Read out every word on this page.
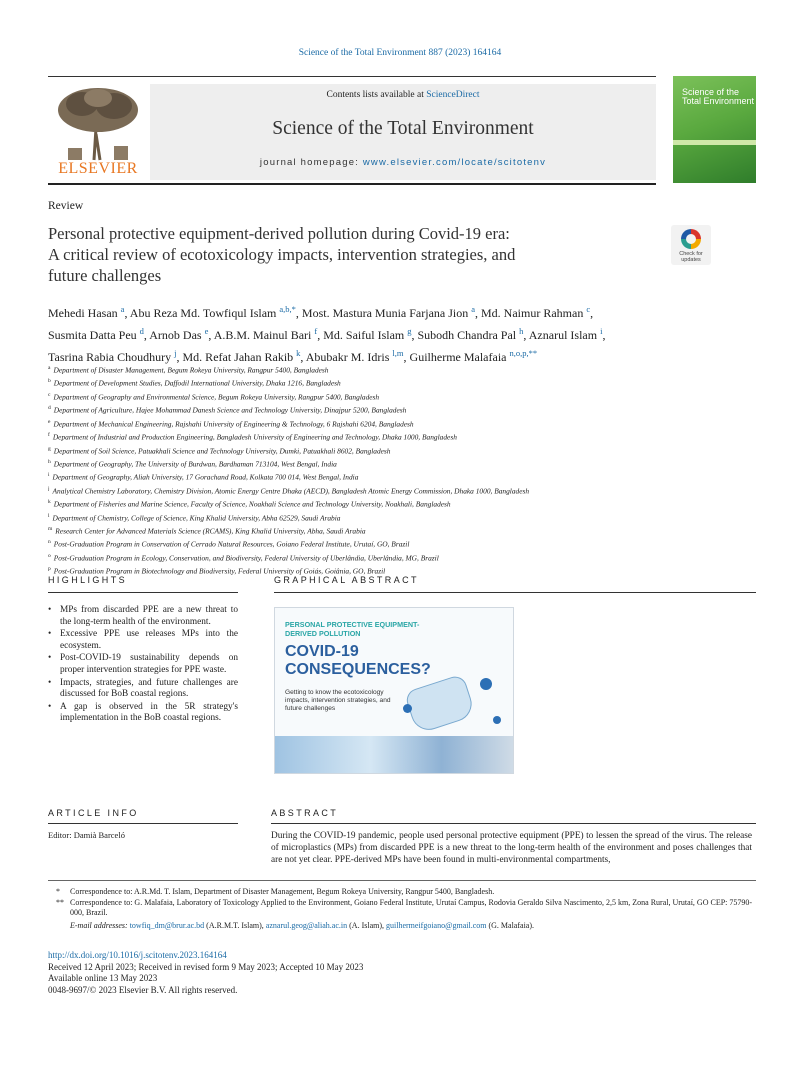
Science of the Total Environment 887 (2023) 164164
ELSEVIER
Contents lists available at ScienceDirect
Science of the Total Environment
journal homepage: www.elsevier.com/locate/scitotenv
Science of the
Total Environment
Review
Personal protective equipment-derived pollution during Covid-19 era:
A critical review of ecotoxicology impacts, intervention strategies, and
future challenges
Check for
updates
Mehedi Hasan $^a$, Abu Reza Md. Towfiqul Islam $^{a,b,*}$, Most. Mastura Munia Farjana Jion $^a$, Md. Naimur Rahman $^c$,
Susmita Datta Peu $^d$, Arnob Das $^e$, A.B.M. Mainul Bari $^f$, Md. Saiful Islam $^g$, Subodh Chandra Pal $^h$, Aznarul Islam $^i$,
Tasrina Rabia Choudhury $^j$, Md. Refat Jahan Rakib $^k$, Abubakr M. Idris $^{l,m}$, Guilherme Malafaia $^{n,o,p,**}$
$^a$ Department of Disaster Management, Begum Rokeya University, Rangpur 5400, Bangladesh
$^b$ Department of Development Studies, Daffodil International University, Dhaka 1216, Bangladesh
$^c$ Department of Geography and Environmental Science, Begum Rokeya University, Rangpur 5400, Bangladesh
$^d$ Department of Agriculture, Hajee Mohammad Danesh Science and Technology University, Dinajpur 5200, Bangladesh
$^e$ Department of Mechanical Engineering, Rajshahi University of Engineering & Technology, 6 Rajshahi 6204, Bangladesh
$^f$ Department of Industrial and Production Engineering, Bangladesh University of Engineering and Technology, Dhaka 1000, Bangladesh
$^g$ Department of Soil Science, Patuakhali Science and Technology University, Dumki, Patuakhali 8602, Bangladesh
$^h$ Department of Geography, The University of Burdwan, Bardhaman 713104, West Bengal, India
$^i$ Department of Geography, Aliah University, 17 Gorachand Road, Kolkata 700 014, West Bengal, India
$^j$ Analytical Chemistry Laboratory, Chemistry Division, Atomic Energy Centre Dhaka (AECD), Bangladesh Atomic Energy Commission, Dhaka 1000, Bangladesh
$^k$ Department of Fisheries and Marine Science, Faculty of Science, Noakhali Science and Technology University, Noakhali, Bangladesh
$^l$ Department of Chemistry, College of Science, King Khalid University, Abha 62529, Saudi Arabia
$^m$ Research Center for Advanced Materials Science (RCAMS), King Khalid University, Abha, Saudi Arabia
$^n$ Post-Graduation Program in Conservation of Cerrado Natural Resources, Goiano Federal Institute, Urutaí, GO, Brazil
$^o$ Post-Graduation Program in Ecology, Conservation, and Biodiversity, Federal University of Uberlândia, Uberlândia, MG, Brazil
$^p$ Post-Graduation Program in Biotechnology and Biodiversity, Federal University of Goiás, Goiânia, GO, Brazil
HIGHLIGHTS
• MPs from discarded PPE are a new threat to the long-term health of the environment.
• Excessive PPE use releases MPs into the ecosystem.
• Post-COVID-19 sustainability depends on proper intervention strategies for PPE waste.
• Impacts, strategies, and future challenges are discussed for BoB coastal regions.
• A gap is observed in the 5R strategy's implementation in the BoB coastal regions.
GRAPHICAL ABSTRACT
PERSONAL PROTECTIVE EQUIPMENT-DERIVED POLLUTION
COVID-19
CONSEQUENCES?
Getting to know the ecotoxicology impacts, intervention strategies, and future challenges
ARTICLE INFO
Editor: Damià Barceló
ABSTRACT
During the COVID-19 pandemic, people used personal protective equipment (PPE) to lessen the spread of the virus. The release of microplastics (MPs) from discarded PPE is a new threat to the long-term health of the environment and poses challenges that are not yet clear. PPE-derived MPs have been found in multi-environmental compartments,
* Correspondence to: A.R.Md. T. Islam, Department of Disaster Management, Begum Rokeya University, Rangpur 5400, Bangladesh.
** Correspondence to: G. Malafaia, Laboratory of Toxicology Applied to the Environment, Goiano Federal Institute, Urutaí Campus, Rodovia Geraldo Silva Nascimento, 2,5 km, Zona Rural, Urutaí, GO CEP: 75790-000, Brazil.
E-mail addresses: towfiq_dm@brur.ac.bd (A.R.M.T. Islam), aznarul.geog@aliah.ac.in (A. Islam), guilhermeifgoiano@gmail.com (G. Malafaia).
http://dx.doi.org/10.1016/j.scitotenv.2023.164164
Received 12 April 2023; Received in revised form 9 May 2023; Accepted 10 May 2023
Available online 13 May 2023
0048-9697/© 2023 Elsevier B.V. All rights reserved.
